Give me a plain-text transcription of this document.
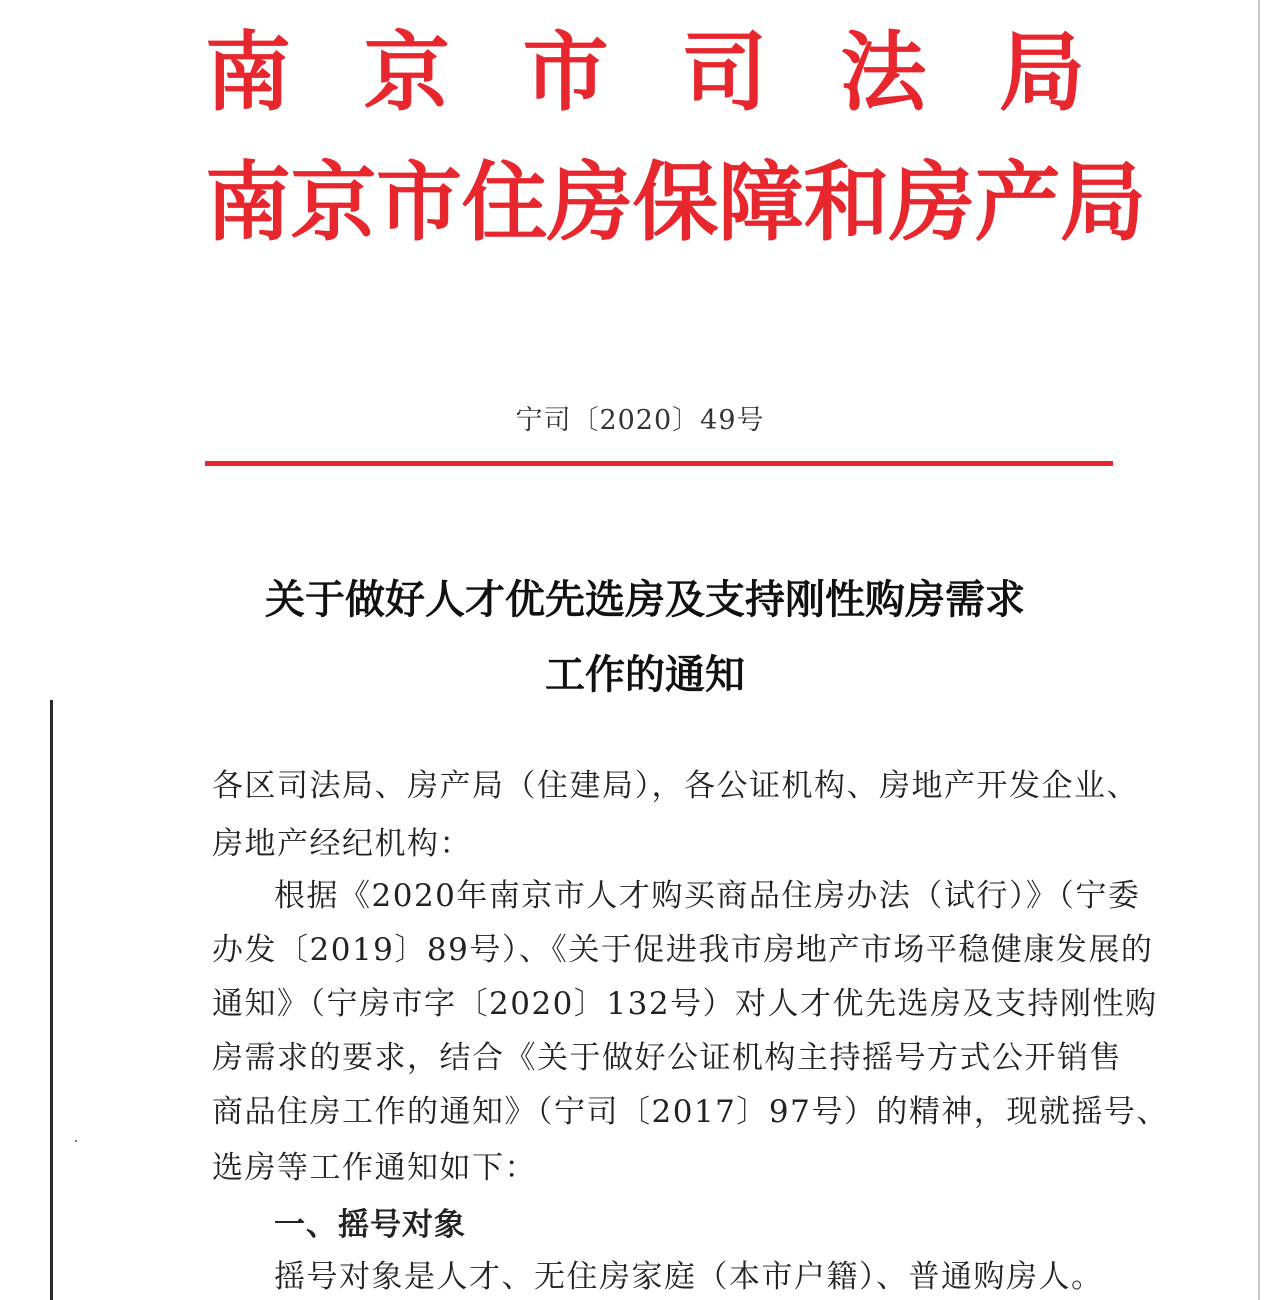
南 京 市 司 法 局
南京市住房保障和房产局
宁司〔2020〕49号
关于做好人才优先选房及支持刚性购房需求
工作的通知
各区司法局、房产局（住建局），各公证机构、房地产开发企业、
房地产经纪机构：
根据《2020年南京市人才购买商品住房办法（试行）》（宁委
办发〔2019〕89号）、《关于促进我市房地产市场平稳健康发展的
通知》（宁房市字〔2020〕132号）对人才优先选房及支持刚性购
房需求的要求，结合《关于做好公证机构主持摇号方式公开销售
商品住房工作的通知》（宁司〔2017〕97号）的精神，现就摇号、
选房等工作通知如下：
一、摇号对象
摇号对象是人才、无住房家庭（本市户籍）、普通购房人。
